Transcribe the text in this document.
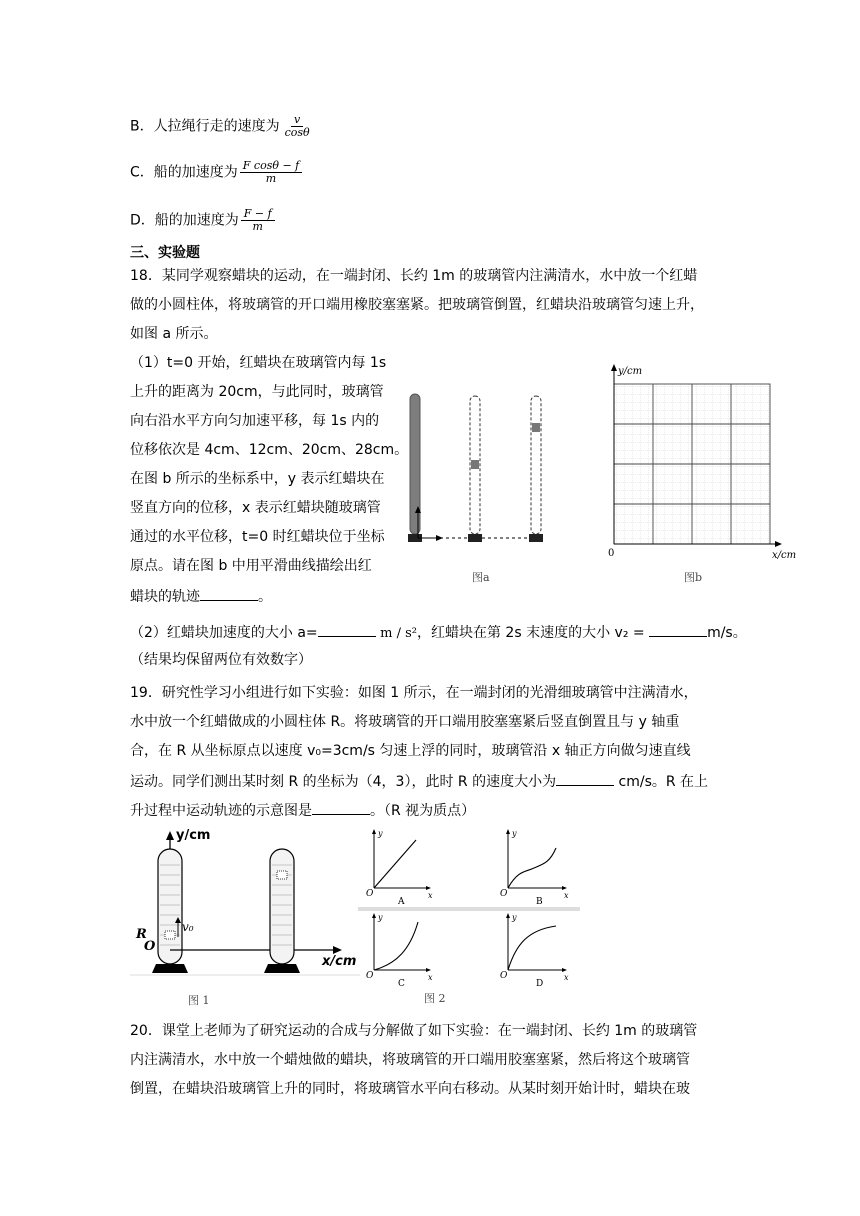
B．人拉绳行走的速度为 $\frac{v}{\cos\theta}$
C．船的加速度为 $\frac{\text{F cosθ − f}}{m}$
D．船的加速度为 $\frac{F - f}{m}$
三、实验题
18．某同学观察蜡块的运动，在一端封闭、长约 1m 的玻璃管内注满清水，水中放一个红蜡
做的小圆柱体，将玻璃管的开口端用橡胶塞塞紧。把玻璃管倒置，红蜡块沿玻璃管匀速上升，
如图 a 所示。
（1）t=0 开始，红蜡块在玻璃管内每 1s
上升的距离为 20cm，与此同时，玻璃管
向右沿水平方向匀加速平移，每 1s 内的
位移依次是 4cm、12cm、20cm、28cm。
在图 b 所示的坐标系中，y 表示红蜡块在
竖直方向的位移，x 表示红蜡块随玻璃管
通过的水平位移，t=0 时红蜡块位于坐标
原点。请在图 b 中用平滑曲线描绘出红
蜡块的轨迹	。
图a
y/cm
x/cm
0
图b
（2）红蜡块加速度的大小 a=	m / s²，红蜡块在第 2s 末速度的大小 v₂ =	m/s。
（结果均保留两位有效数字）
19．研究性学习小组进行如下实验：如图 1 所示，在一端封闭的光滑细玻璃管中注满清水，
水中放一个红蜡做成的小圆柱体 R。将玻璃管的开口端用胶塞塞紧后竖直倒置且与 y 轴重
合，在 R 从坐标原点以速度 v₀=3cm/s 匀速上浮的同时，玻璃管沿 x 轴正方向做匀速直线
运动。同学们测出某时刻 R 的坐标为（4，3），此时 R 的速度大小为	cm/s。R 在上
升过程中运动轨迹的示意图是	。（R 视为质点）
y/cm
v₀
R
O
x/cm
图 1
y
x
O
A
y
x
O
B
y
x
O
C
y
x
O
D
图 2
20．课堂上老师为了研究运动的合成与分解做了如下实验：在一端封闭、长约 1m 的玻璃管
内注满清水，水中放一个蜡烛做的蜡块，将玻璃管的开口端用胶塞塞紧，然后将这个玻璃管
倒置，在蜡块沿玻璃管上升的同时，将玻璃管水平向右移动。从某时刻开始计时，蜡块在玻
